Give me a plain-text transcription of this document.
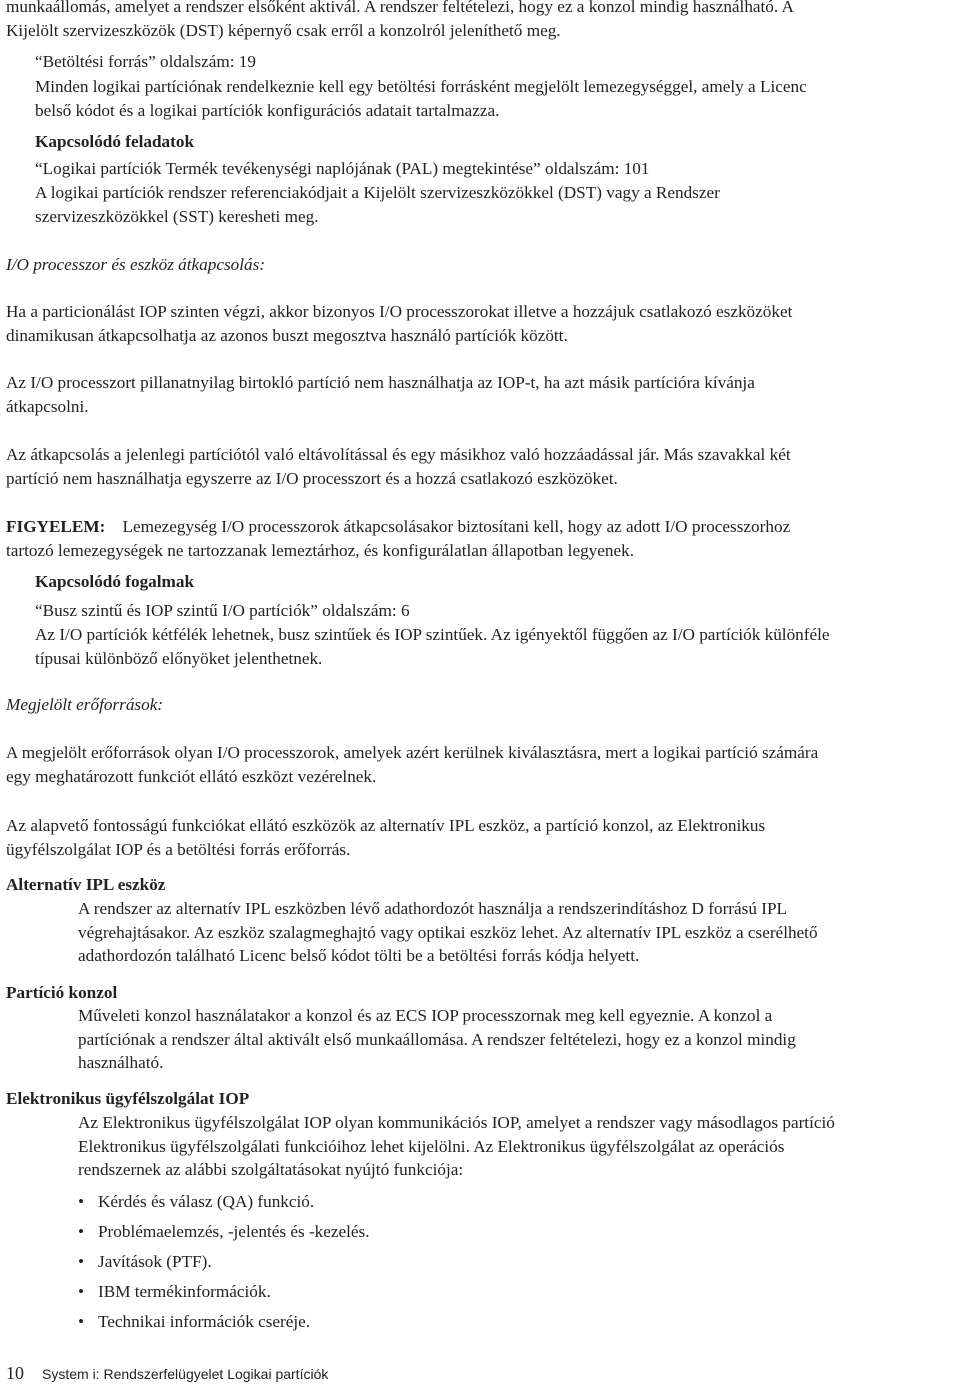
munkaállomás, amelyet a rendszer elsőként aktivál. A rendszer feltételezi, hogy ez a konzol mindig használható. A
Kijelölt szervizeszközök (DST) képernyő csak erről a konzolról jeleníthető meg.

“Betöltési forrás” oldalszám: 19

Minden logikai partíciónak rendelkeznie kell egy betöltési forrásként megjelölt lemezegységgel, amely a Licenc
belső kódot és a logikai partíciók konfigurációs adatait tartalmazza.

Kapcsolódó feladatok

“Logikai partíciók Termék tevékenységi naplójának (PAL) megtekintése” oldalszám: 101

A logikai partíciók rendszer referenciakódjait a Kijelölt szervizeszközökkel (DST) vagy a Rendszer
szervizeszközökkel (SST) keresheti meg.

I/O processzor és eszköz átkapcsolás:

Ha a particionálást IOP szinten végzi, akkor bizonyos I/O processzorokat illetve a hozzájuk csatlakozó eszközöket
dinamikusan átkapcsolhatja az azonos buszt megosztva használó partíciók között.

Az I/O processzort pillanatnyilag birtokló partíció nem használhatja az IOP-t, ha azt másik partícióra kívánja
átkapcsolni.

Az átkapcsolás a jelenlegi partíciótól való eltávolítással és egy másikhoz való hozzáadással jár. Más szavakkal két
partíció nem használhatja egyszerre az I/O processzort és a hozzá csatlakozó eszközöket.

FIGYELEM: Lemezegység I/O processzorok átkapcsolásakor biztosítani kell, hogy az adott I/O processzorhoz
tartozó lemezegységek ne tartozzanak lemeztárhoz, és konfigurálatlan állapotban legyenek.

Kapcsolódó fogalmak

“Busz szintű és IOP szintű I/O partíciók” oldalszám: 6

Az I/O partíciók kétfélék lehetnek, busz szintűek és IOP szintűek. Az igényektől függően az I/O partíciók különféle
típusai különböző előnyöket jelenthetnek.

Megjelölt erőforrások:

A megjelölt erőforrások olyan I/O processzorok, amelyek azért kerülnek kiválasztásra, mert a logikai partíció számára
egy meghatározott funkciót ellátó eszközt vezérelnek.

Az alapvető fontosságú funkciókat ellátó eszközök az alternatív IPL eszköz, a partíció konzol, az Elektronikus
ügyfélszolgálat IOP és a betöltési forrás erőforrás.

Alternatív IPL eszköz

A rendszer az alternatív IPL eszközben lévő adathordozót használja a rendszerindításhoz D forrású IPL
végrehajtásakor. Az eszköz szalagmeghajtó vagy optikai eszköz lehet. Az alternatív IPL eszköz a cserélhető
adathordozón található Licenc belső kódot tölti be a betöltési forrás kódja helyett.

Partíció konzol

Műveleti konzol használatakor a konzol és az ECS IOP processzornak meg kell egyeznie. A konzol a
partíciónak a rendszer által aktivált első munkaállomása. A rendszer feltételezi, hogy ez a konzol mindig
használható.

Elektronikus ügyfélszolgálat IOP

Az Elektronikus ügyfélszolgálat IOP olyan kommunikációs IOP, amelyet a rendszer vagy másodlagos partíció
Elektronikus ügyfélszolgálati funkcióihoz lehet kijelölni. Az Elektronikus ügyfélszolgálat az operációs
rendszernek az alábbi szolgáltatásokat nyújtó funkciója:

• Kérdés és válasz (QA) funkció.
• Problémaelemzés, -jelentés és -kezelés.
• Javítások (PTF).
• IBM termékinformációk.
• Technikai információk cseréje.
10 System i: Rendszerfelügyelet Logikai partíciók
